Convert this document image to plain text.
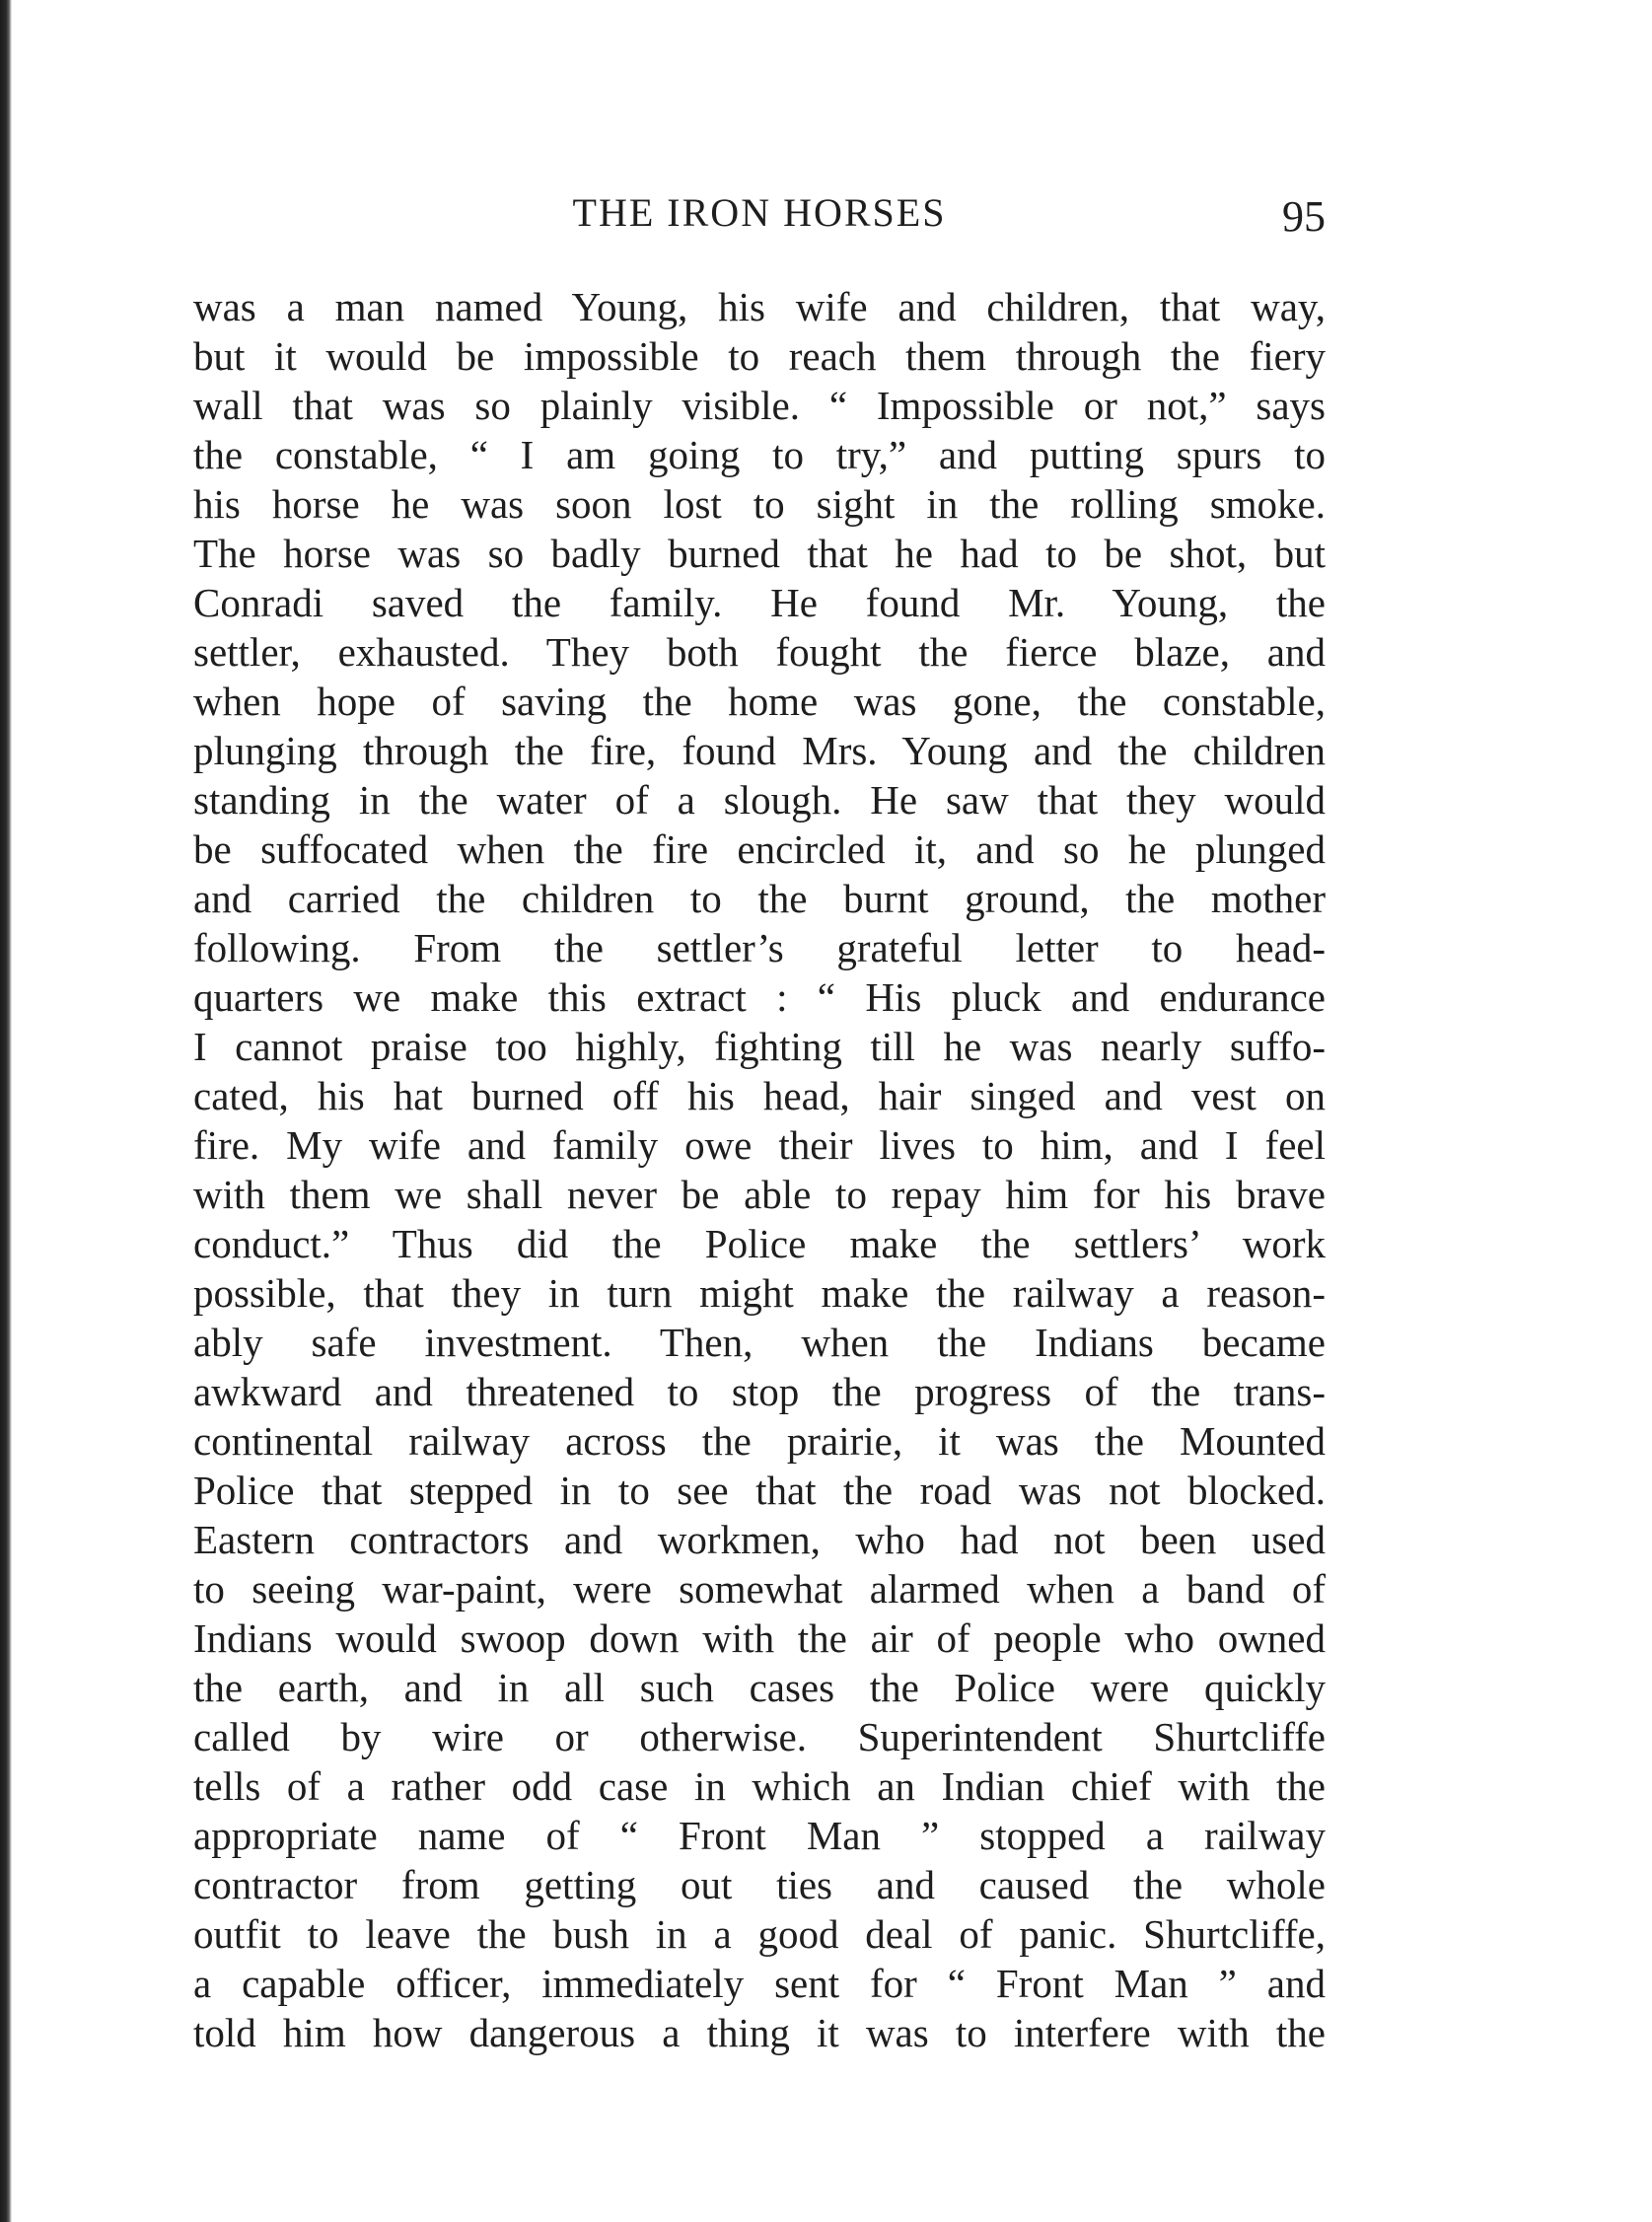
THE IRON HORSES	95
was a man named Young, his wife and children, that way,
but it would be impossible to reach them through the fiery
wall that was so plainly visible. “ Impossible or not,” says
the constable, “ I am going to try,” and putting spurs to
his horse he was soon lost to sight in the rolling smoke.
The horse was so badly burned that he had to be shot, but
Conradi saved the family. He found Mr. Young, the
settler, exhausted. They both fought the fierce blaze, and
when hope of saving the home was gone, the constable,
plunging through the fire, found Mrs. Young and the children
standing in the water of a slough. He saw that they would
be suffocated when the fire encircled it, and so he plunged
and carried the children to the burnt ground, the mother
following. From the settler’s grateful letter to head-
quarters we make this extract : “ His pluck and endurance
I cannot praise too highly, fighting till he was nearly suffo-
cated, his hat burned off his head, hair singed and vest on
fire. My wife and family owe their lives to him, and I feel
with them we shall never be able to repay him for his brave
conduct.” Thus did the Police make the settlers’ work
possible, that they in turn might make the railway a reason-
ably safe investment. Then, when the Indians became
awkward and threatened to stop the progress of the trans-
continental railway across the prairie, it was the Mounted
Police that stepped in to see that the road was not blocked.
Eastern contractors and workmen, who had not been used
to seeing war-paint, were somewhat alarmed when a band of
Indians would swoop down with the air of people who owned
the earth, and in all such cases the Police were quickly
called by wire or otherwise. Superintendent Shurtcliffe
tells of a rather odd case in which an Indian chief with the
appropriate name of “ Front Man ” stopped a railway
contractor from getting out ties and caused the whole
outfit to leave the bush in a good deal of panic. Shurtcliffe,
a capable officer, immediately sent for “ Front Man ” and
told him how dangerous a thing it was to interfere with the
